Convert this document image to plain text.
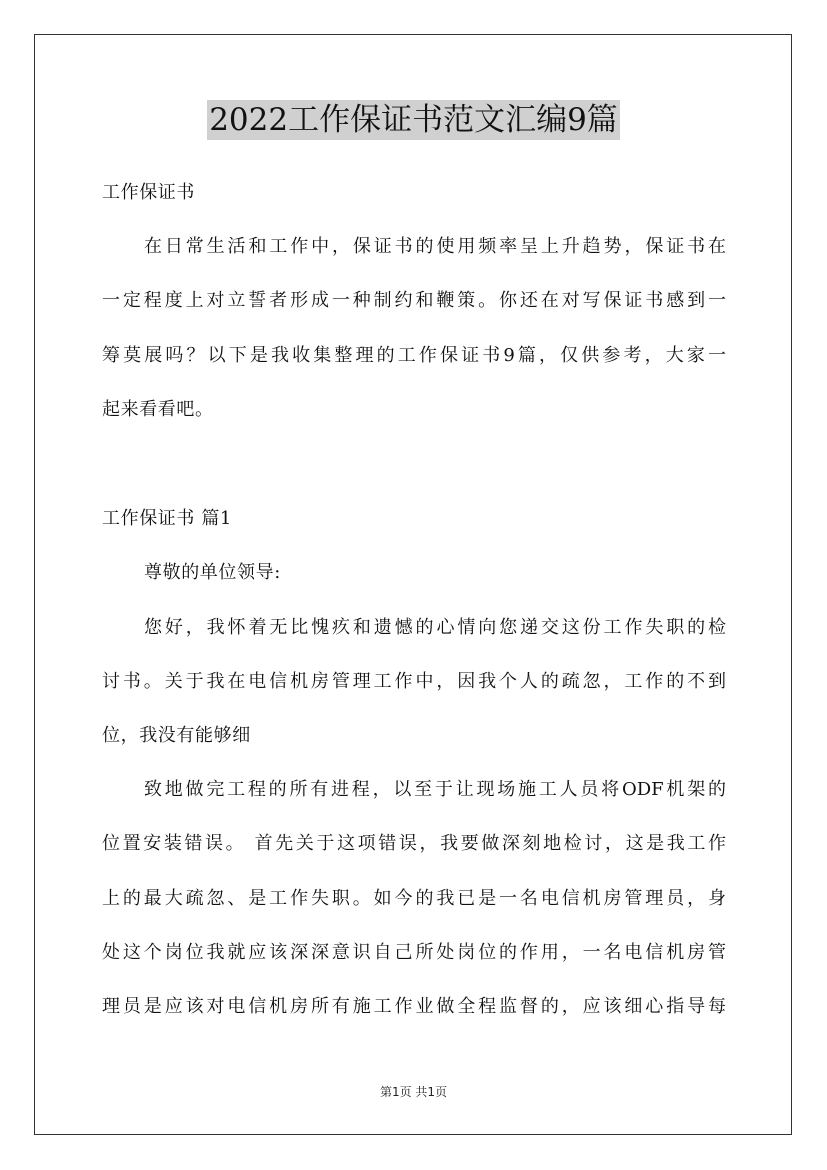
2022工作保证书范文汇编9篇
工作保证书
在日常生活和工作中，保证书的使用频率呈上升趋势，保证书在
一定程度上对立誓者形成一种制约和鞭策。你还在对写保证书感到一
筹莫展吗？以下是我收集整理的工作保证书9篇，仅供参考，大家一
起来看看吧。
工作保证书 篇1
尊敬的单位领导:
您好，我怀着无比愧疚和遗憾的心情向您递交这份工作失职的检
讨书。关于我在电信机房管理工作中，因我个人的疏忽，工作的不到
位，我没有能够细
致地做完工程的所有进程，以至于让现场施工人员将ODF机架的
位置安装错误。 首先关于这项错误，我要做深刻地检讨，这是我工作
上的最大疏忽、是工作失职。如今的我已是一名电信机房管理员，身
处这个岗位我就应该深深意识自己所处岗位的作用，一名电信机房管
理员是应该对电信机房所有施工作业做全程监督的，应该细心指导每
第1页 共1页
